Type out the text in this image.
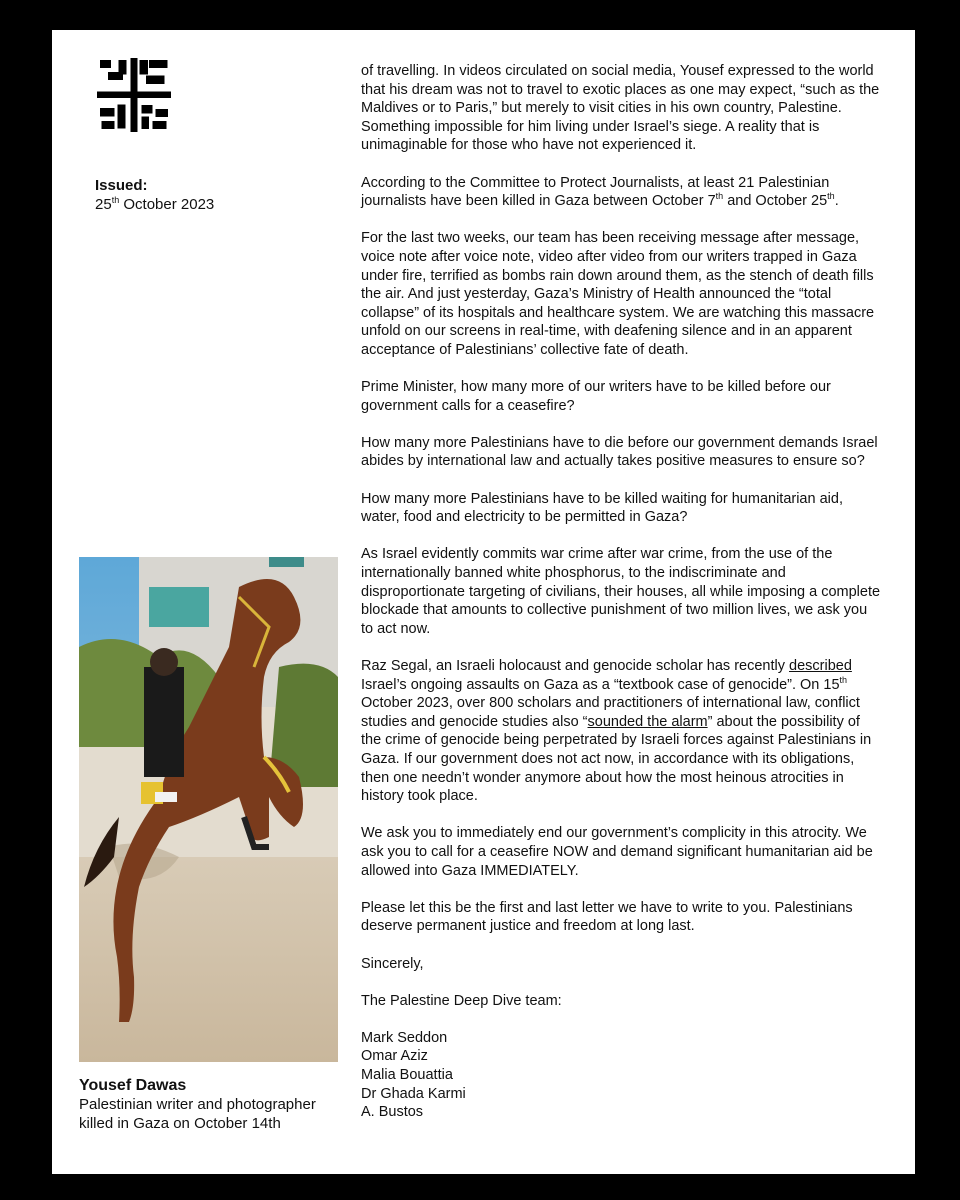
Issued:
25th October 2023
Yousef Dawas
Palestinian writer and photographer
killed in Gaza on October 14th

of travelling. In videos circulated on social media, Yousef expressed to the world that his dream was not to travel to exotic places as one may expect, “such as the Maldives or to Paris,” but merely to visit cities in his own country, Palestine. Something impossible for him living under Israel’s siege. A reality that is unimaginable for those who have not experienced it.

According to the Committee to Protect Journalists, at least 21 Palestinian journalists have been killed in Gaza between October 7th and October 25th.

For the last two weeks, our team has been receiving message after message, voice note after voice note, video after video from our writers trapped in Gaza under fire, terrified as bombs rain down around them, as the stench of death fills the air. And just yesterday, Gaza’s Ministry of Health announced the “total collapse” of its hospitals and healthcare system. We are watching this massacre unfold on our screens in real-time, with deafening silence and in an apparent acceptance of Palestinians’ collective fate of death.

Prime Minister, how many more of our writers have to be killed before our government calls for a ceasefire?

How many more Palestinians have to die before our government demands Israel abides by international law and actually takes positive measures to ensure so?

How many more Palestinians have to be killed waiting for humanitarian aid, water, food and electricity to be permitted in Gaza?

As Israel evidently commits war crime after war crime, from the use of the internationally banned white phosphorus, to the indiscriminate and disproportionate targeting of civilians, their houses, all while imposing a complete blockade that amounts to collective punishment of two million lives, we ask you to act now.

Raz Segal, an Israeli holocaust and genocide scholar has recently described Israel’s ongoing assaults on Gaza as a “textbook case of genocide”. On 15th October 2023, over 800 scholars and practitioners of international law, conflict studies and genocide studies also “sounded the alarm” about the possibility of the crime of genocide being perpetrated by Israeli forces against Palestinians in Gaza. If our government does not act now, in accordance with its obligations, then one needn’t wonder anymore about how the most heinous atrocities in history took place.

We ask you to immediately end our government’s complicity in this atrocity. We ask you to call for a ceasefire NOW and demand significant humanitarian aid be allowed into Gaza IMMEDIATELY.

Please let this be the first and last letter we have to write to you. Palestinians deserve permanent justice and freedom at long last.

Sincerely,

The Palestine Deep Dive team:

Mark Seddon
Omar Aziz
Malia Bouattia
Dr Ghada Karmi
A. Bustos
